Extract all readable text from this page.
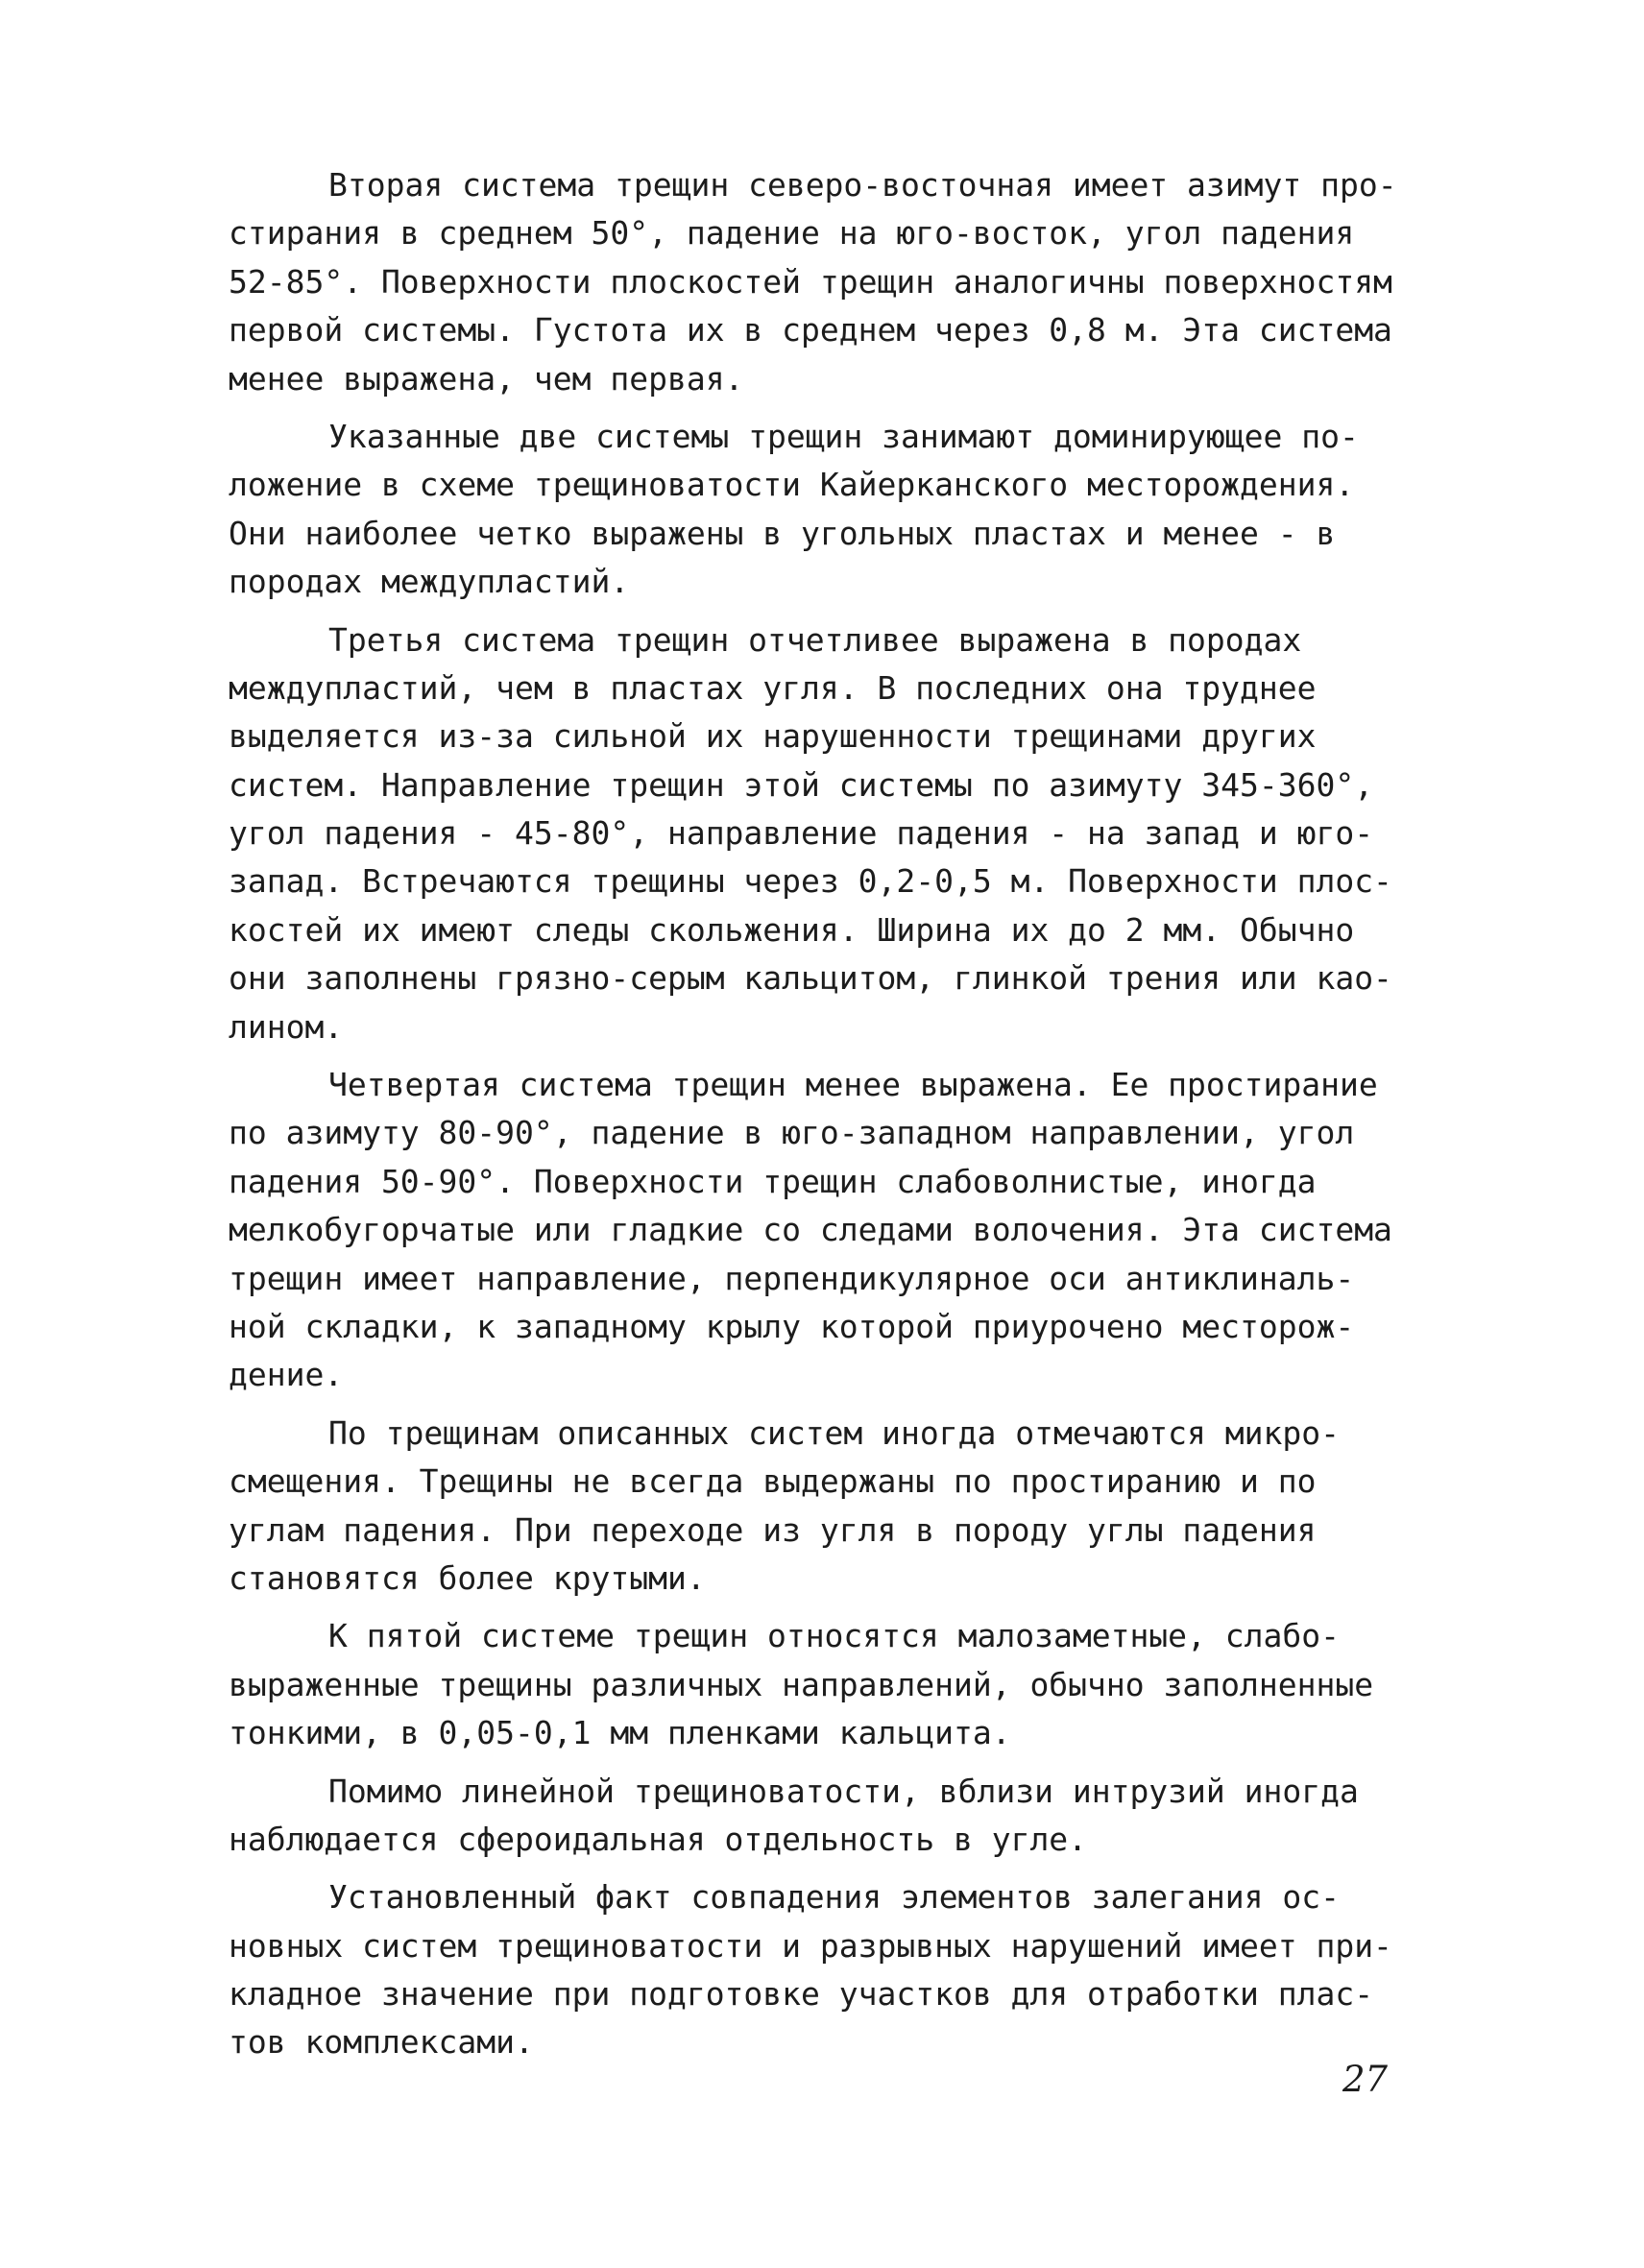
Вторая система трещин северо-восточная имеет азимут про-
стирания в среднем 50°, падение на юго-восток, угол падения
52-85°. Поверхности плоскостей трещин аналогичны поверхностям
первой системы. Густота их в среднем через 0,8 м. Эта система
менее выражена, чем первая.
Указанные две системы трещин занимают доминирующее по-
ложение в схеме трещиноватости Кайерканского месторождения.
Они наиболее четко выражены в угольных пластах и менее - в
породах междупластий.
Третья система трещин отчетливее выражена в породах
междупластий, чем в пластах угля. В последних она труднее
выделяется из-за сильной их нарушенности трещинами других
систем. Направление трещин этой системы по азимуту 345-360°,
угол падения - 45-80°, направление падения - на запад и юго-
запад. Встречаются трещины через 0,2-0,5 м. Поверхности плос-
костей их имеют следы скольжения. Ширина их до 2 мм. Обычно
они заполнены грязно-серым кальцитом, глинкой трения или као-
лином.
Четвертая система трещин менее выражена. Ее простирание
по азимуту 80-90°, падение в юго-западном направлении, угол
падения 50-90°. Поверхности трещин слабоволнистые, иногда
мелкобугорчатые или гладкие со следами волочения. Эта система
трещин имеет направление, перпендикулярное оси антиклиналь-
ной складки, к западному крылу которой приурочено месторож-
дение.
По трещинам описанных систем иногда отмечаются микро-
смещения. Трещины не всегда выдержаны по простиранию и по
углам падения. При переходе из угля в породу углы падения
становятся более крутыми.
К пятой системе трещин относятся малозаметные, слабо-
выраженные трещины различных направлений, обычно заполненные
тонкими, в 0,05-0,1 мм пленками кальцита.
Помимо линейной трещиноватости, вблизи интрузий иногда
наблюдается сфероидальная отдельность в угле.
Установленный факт совпадения элементов залегания ос-
новных систем трещиноватости и разрывных нарушений имеет при-
кладное значение при подготовке участков для отработки плас-
тов комплексами.
27
